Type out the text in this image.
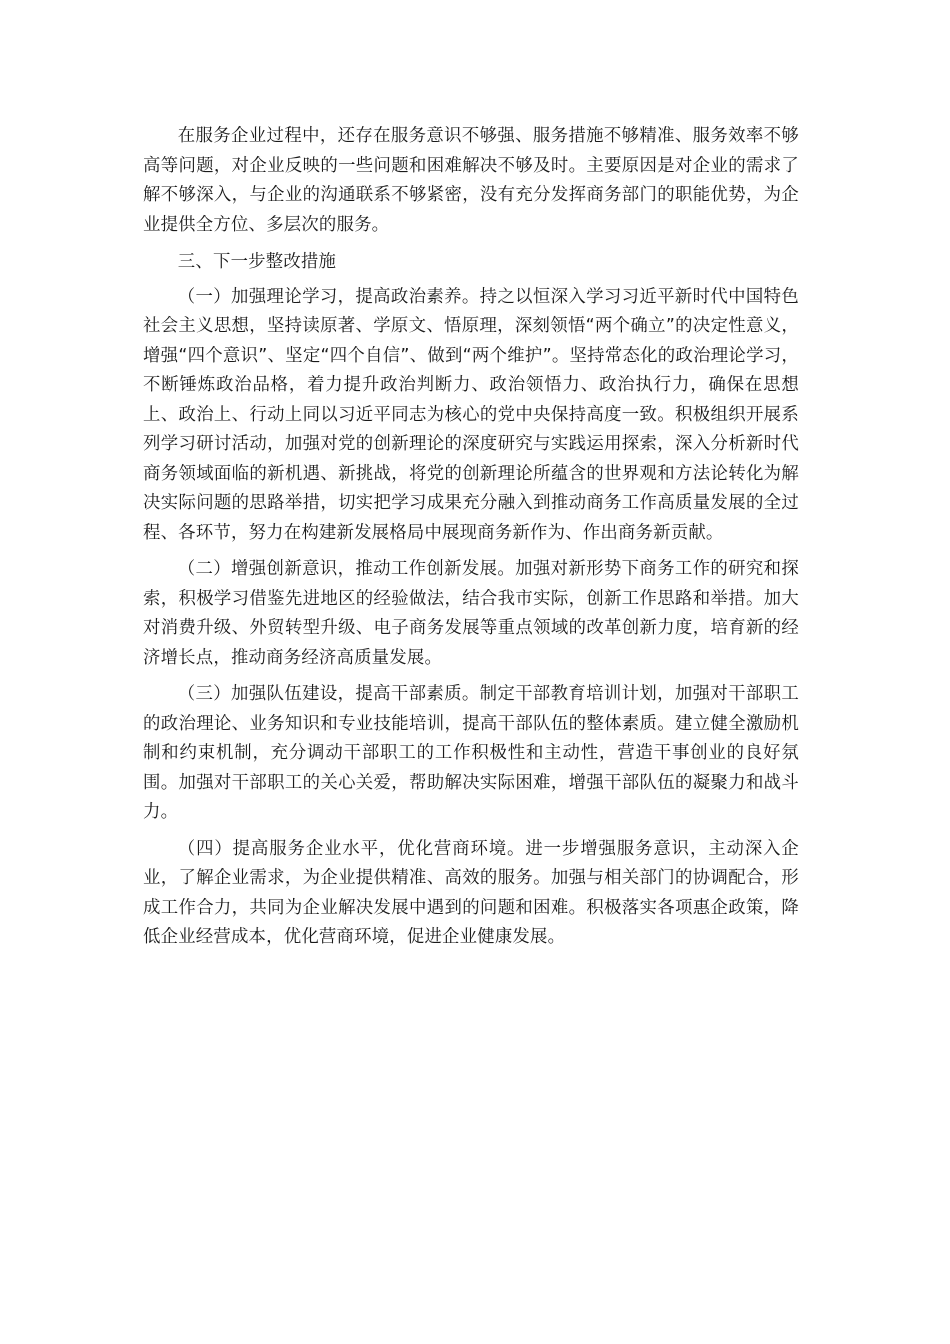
在服务企业过程中，还存在服务意识不够强、服务措施不够精准、服务效率不够高等问题，对企业反映的一些问题和困难解决不够及时。主要原因是对企业的需求了解不够深入，与企业的沟通联系不够紧密，没有充分发挥商务部门的职能优势，为企业提供全方位、多层次的服务。

三、下一步整改措施

（一）加强理论学习，提高政治素养。持之以恒深入学习习近平新时代中国特色社会主义思想，坚持读原著、学原文、悟原理，深刻领悟“两个确立”的决定性意义，增强“四个意识”、坚定“四个自信”、做到“两个维护”。坚持常态化的政治理论学习，不断锤炼政治品格，着力提升政治判断力、政治领悟力、政治执行力，确保在思想上、政治上、行动上同以习近平同志为核心的党中央保持高度一致。积极组织开展系列学习研讨活动，加强对党的创新理论的深度研究与实践运用探索，深入分析新时代商务领域面临的新机遇、新挑战，将党的创新理论所蕴含的世界观和方法论转化为解决实际问题的思路举措，切实把学习成果充分融入到推动商务工作高质量发展的全过程、各环节，努力在构建新发展格局中展现商务新作为、作出商务新贡献。

（二）增强创新意识，推动工作创新发展。加强对新形势下商务工作的研究和探索，积极学习借鉴先进地区的经验做法，结合我市实际，创新工作思路和举措。加大对消费升级、外贸转型升级、电子商务发展等重点领域的改革创新力度，培育新的经济增长点，推动商务经济高质量发展。

（三）加强队伍建设，提高干部素质。制定干部教育培训计划，加强对干部职工的政治理论、业务知识和专业技能培训，提高干部队伍的整体素质。建立健全激励机制和约束机制，充分调动干部职工的工作积极性和主动性，营造干事创业的良好氛围。加强对干部职工的关心关爱，帮助解决实际困难，增强干部队伍的凝聚力和战斗力。

（四）提高服务企业水平，优化营商环境。进一步增强服务意识，主动深入企业，了解企业需求，为企业提供精准、高效的服务。加强与相关部门的协调配合，形成工作合力，共同为企业解决发展中遇到的问题和困难。积极落实各项惠企政策，降低企业经营成本，优化营商环境，促进企业健康发展。
